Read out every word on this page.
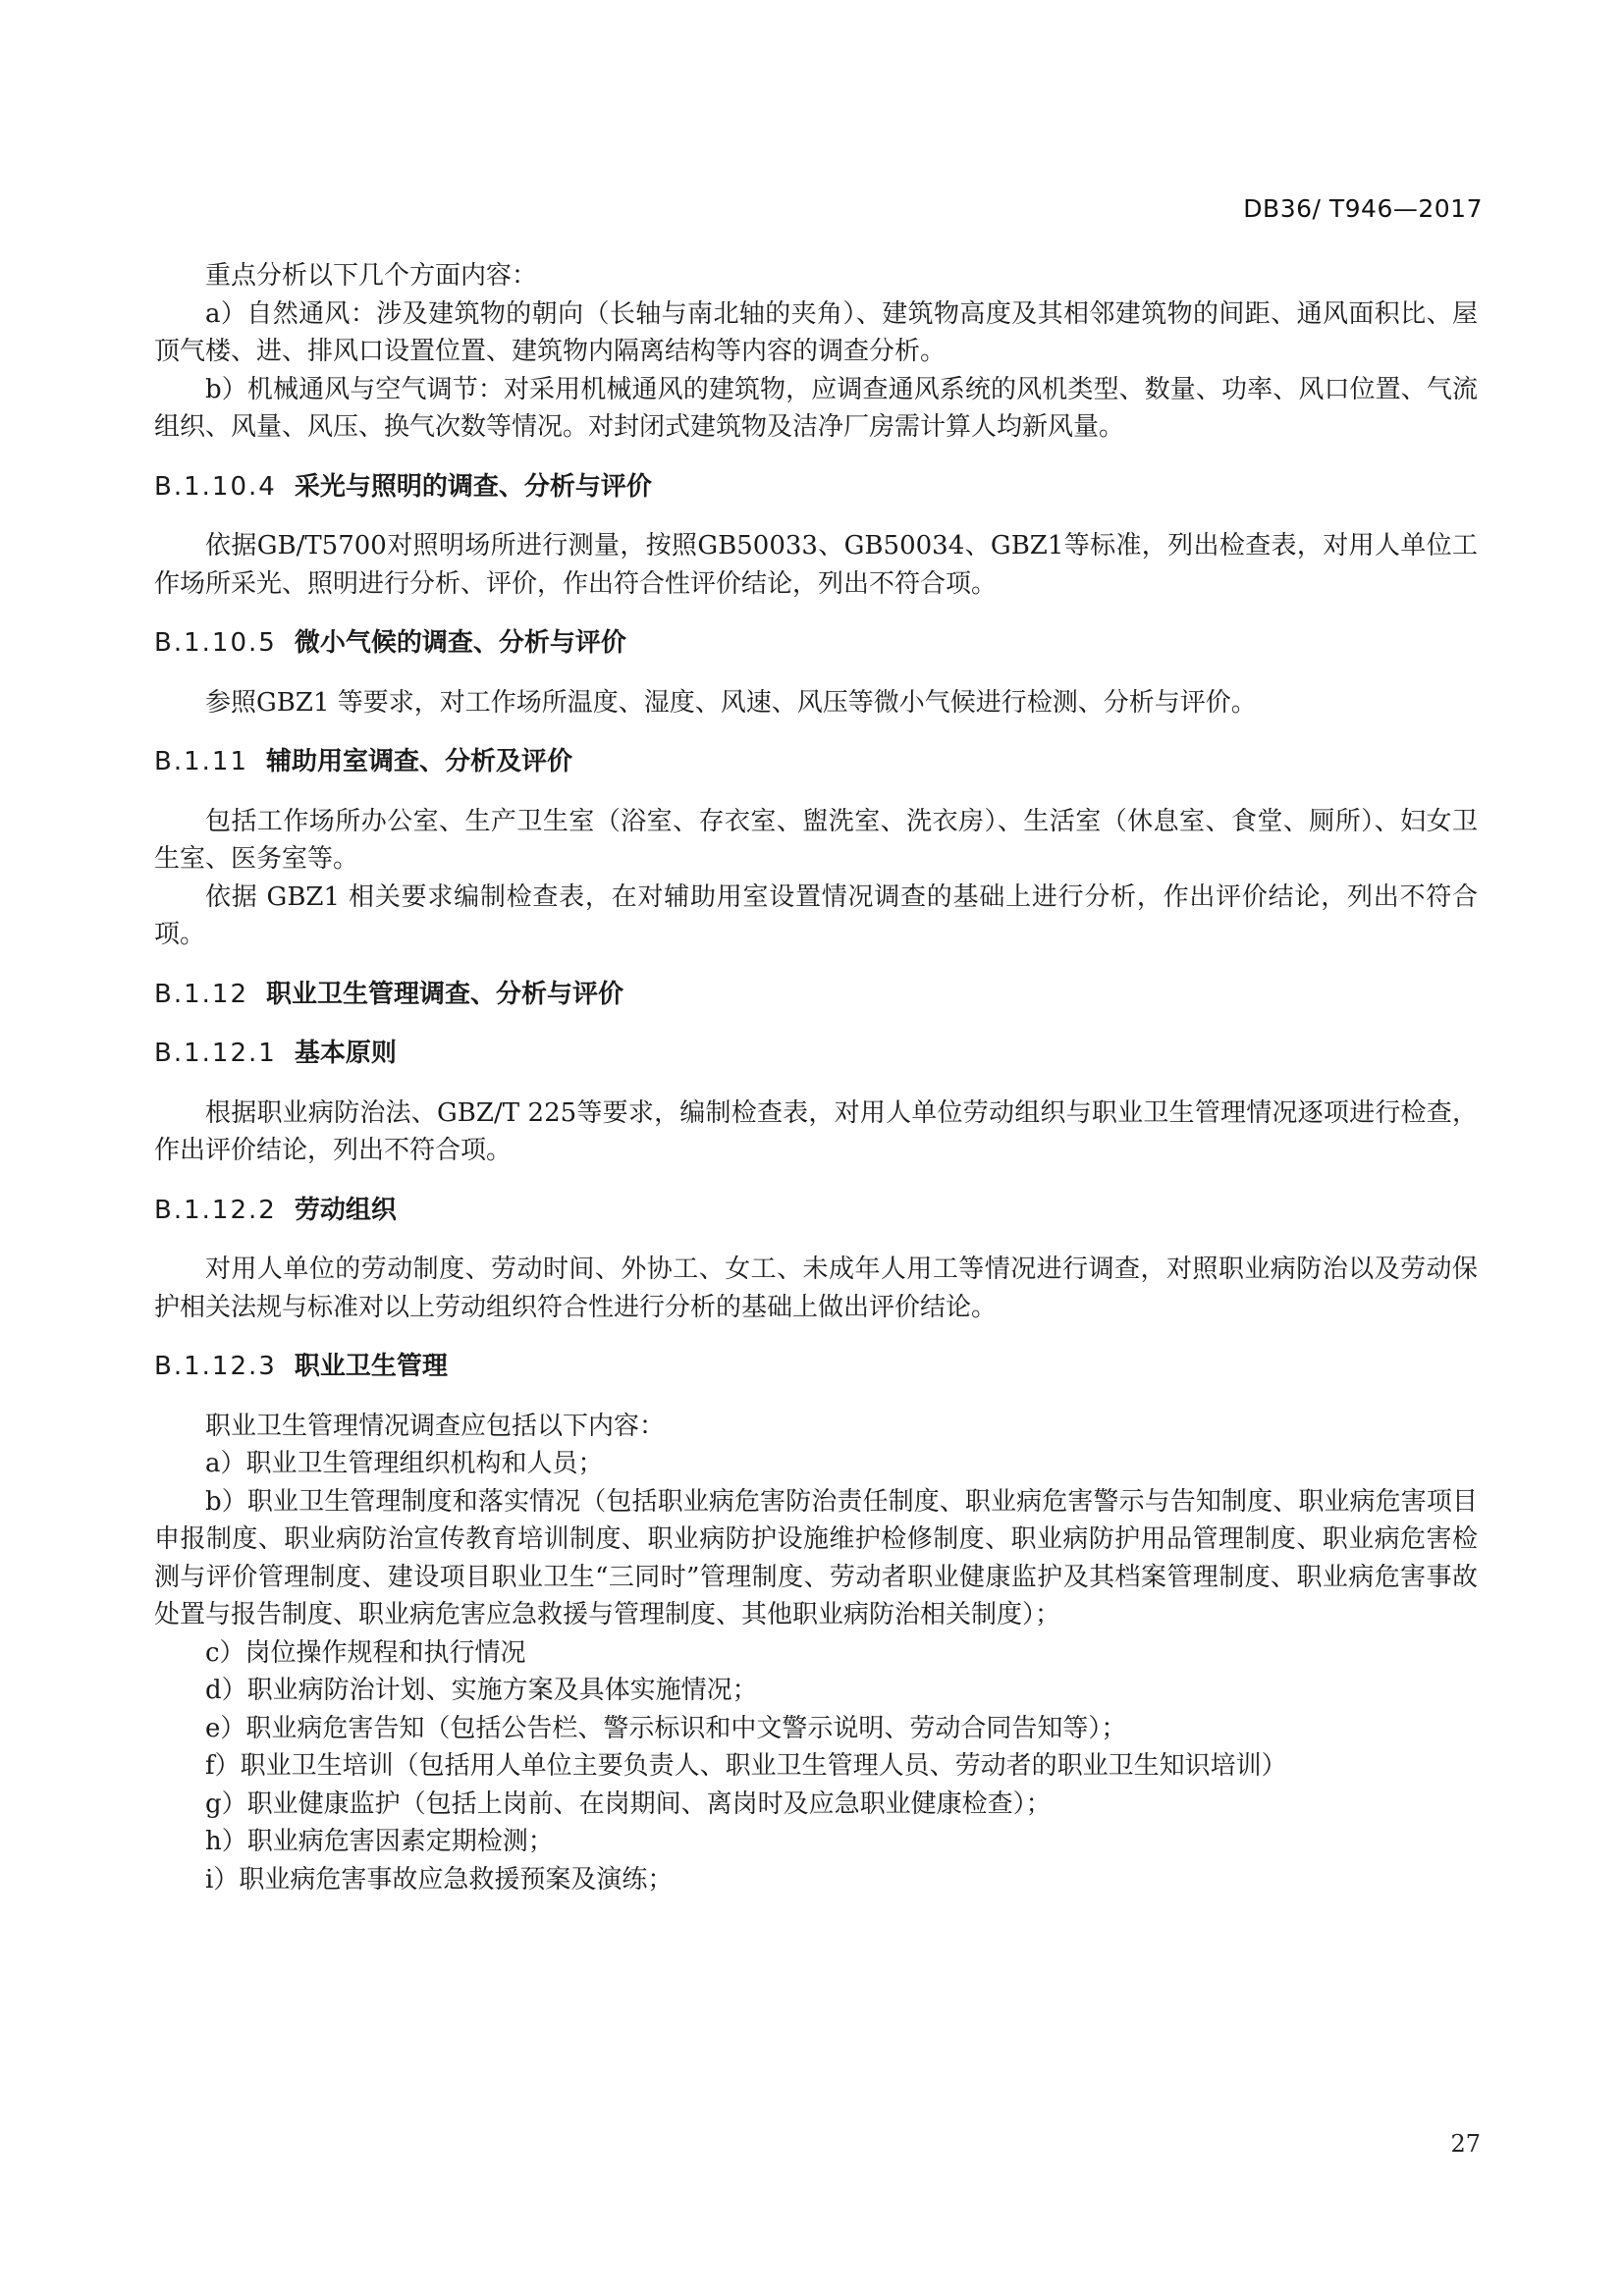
DB36/ T946—2017

重点分析以下几个方面内容：

a）自然通风：涉及建筑物的朝向（长轴与南北轴的夹角）、建筑物高度及其相邻建筑物的间距、通风面积比、屋顶气楼、进、排风口设置位置、建筑物内隔离结构等内容的调查分析。

b）机械通风与空气调节：对采用机械通风的建筑物，应调查通风系统的风机类型、数量、功率、风口位置、气流组织、风量、风压、换气次数等情况。对封闭式建筑物及洁净厂房需计算人均新风量。

B.1.10.4 采光与照明的调查、分析与评价

依据GB/T5700对照明场所进行测量，按照GB50033、GB50034、GBZ1等标准，列出检查表，对用人单位工作场所采光、照明进行分析、评价，作出符合性评价结论，列出不符合项。

B.1.10.5 微小气候的调查、分析与评价

参照GBZ1 等要求，对工作场所温度、湿度、风速、风压等微小气候进行检测、分析与评价。

B.1.11 辅助用室调查、分析及评价

包括工作场所办公室、生产卫生室（浴室、存衣室、盥洗室、洗衣房）、生活室（休息室、食堂、厕所）、妇女卫生室、医务室等。

依据 GBZ1 相关要求编制检查表，在对辅助用室设置情况调查的基础上进行分析，作出评价结论，列出不符合项。

B.1.12 职业卫生管理调查、分析与评价
B.1.12.1 基本原则

根据职业病防治法、GBZ/T 225等要求，编制检查表，对用人单位劳动组织与职业卫生管理情况逐项进行检查，作出评价结论，列出不符合项。

B.1.12.2 劳动组织

对用人单位的劳动制度、劳动时间、外协工、女工、未成年人用工等情况进行调查，对照职业病防治以及劳动保护相关法规与标准对以上劳动组织符合性进行分析的基础上做出评价结论。

B.1.12.3 职业卫生管理

职业卫生管理情况调查应包括以下内容：

a）职业卫生管理组织机构和人员；

b）职业卫生管理制度和落实情况（包括职业病危害防治责任制度、职业病危害警示与告知制度、职业病危害项目申报制度、职业病防治宣传教育培训制度、职业病防护设施维护检修制度、职业病防护用品管理制度、职业病危害检测与评价管理制度、建设项目职业卫生“三同时”管理制度、劳动者职业健康监护及其档案管理制度、职业病危害事故处置与报告制度、职业病危害应急救援与管理制度、其他职业病防治相关制度）；

c）岗位操作规程和执行情况

d）职业病防治计划、实施方案及具体实施情况；

e）职业病危害告知（包括公告栏、警示标识和中文警示说明、劳动合同告知等）；

f）职业卫生培训（包括用人单位主要负责人、职业卫生管理人员、劳动者的职业卫生知识培训）

g）职业健康监护（包括上岗前、在岗期间、离岗时及应急职业健康检查）；

h）职业病危害因素定期检测；

i）职业病危害事故应急救援预案及演练；

27
